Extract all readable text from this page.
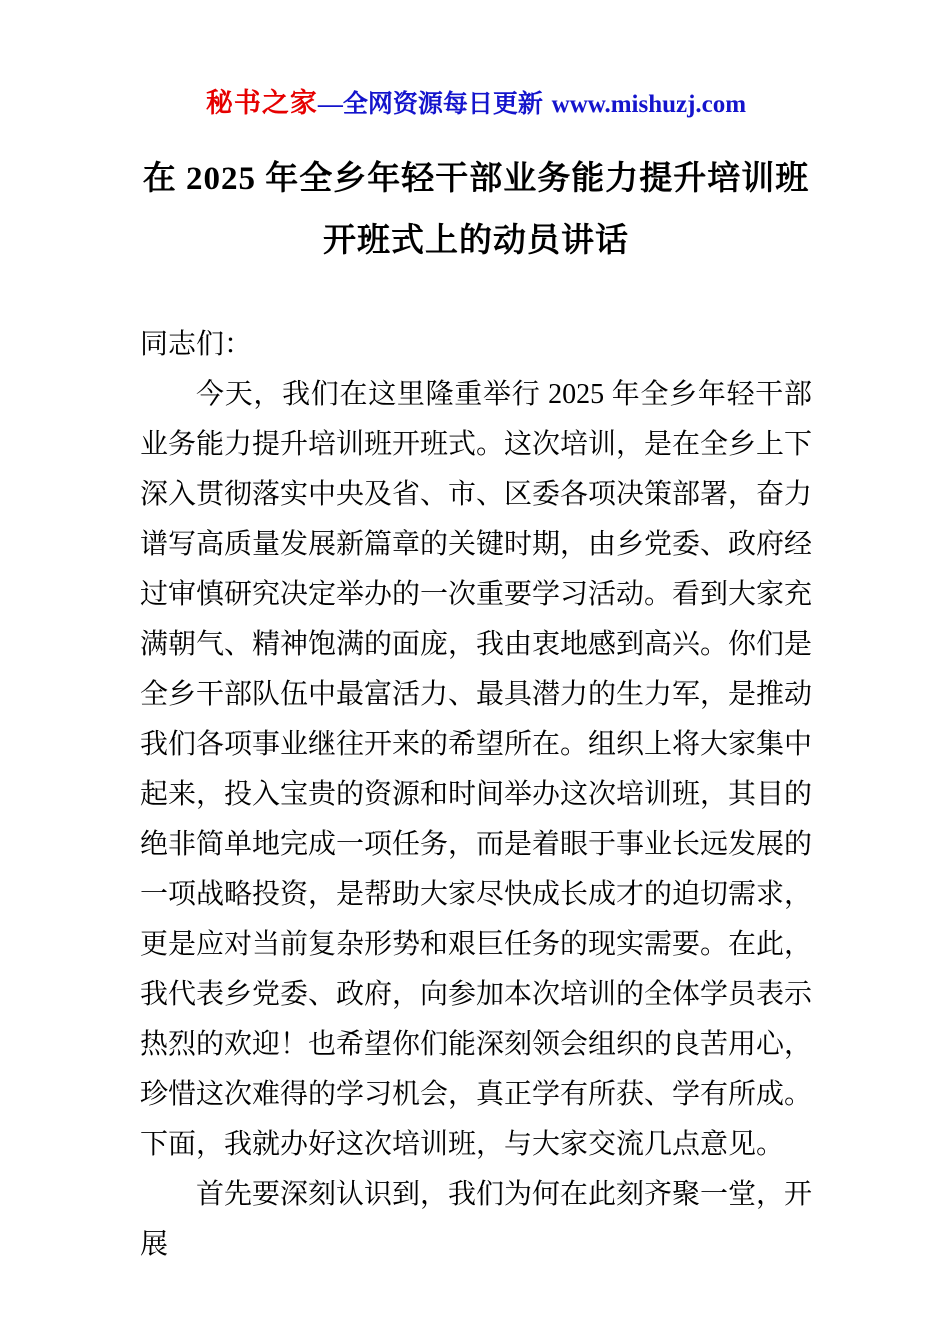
秘书之家—全网资源每日更新 www.mishuzj.com
在 2025 年全乡年轻干部业务能力提升培训班
开班式上的动员讲话

同志们：

今天，我们在这里隆重举行 2025 年全乡年轻干部业务能力提升培训班开班式。这次培训，是在全乡上下深入贯彻落实中央及省、市、区委各项决策部署，奋力谱写高质量发展新篇章的关键时期，由乡党委、政府经过审慎研究决定举办的一次重要学习活动。看到大家充满朝气、精神饱满的面庞，我由衷地感到高兴。你们是全乡干部队伍中最富活力、最具潜力的生力军，是推动我们各项事业继往开来的希望所在。组织上将大家集中起来，投入宝贵的资源和时间举办这次培训班，其目的绝非简单地完成一项任务，而是着眼于事业长远发展的一项战略投资，是帮助大家尽快成长成才的迫切需求，更是应对当前复杂形势和艰巨任务的现实需要。在此，我代表乡党委、政府，向参加本次培训的全体学员表示热烈的欢迎！也希望你们能深刻领会组织的良苦用心，珍惜这次难得的学习机会，真正学有所获、学有所成。下面，我就办好这次培训班，与大家交流几点意见。

首先要深刻认识到，我们为何在此刻齐聚一堂，开展
